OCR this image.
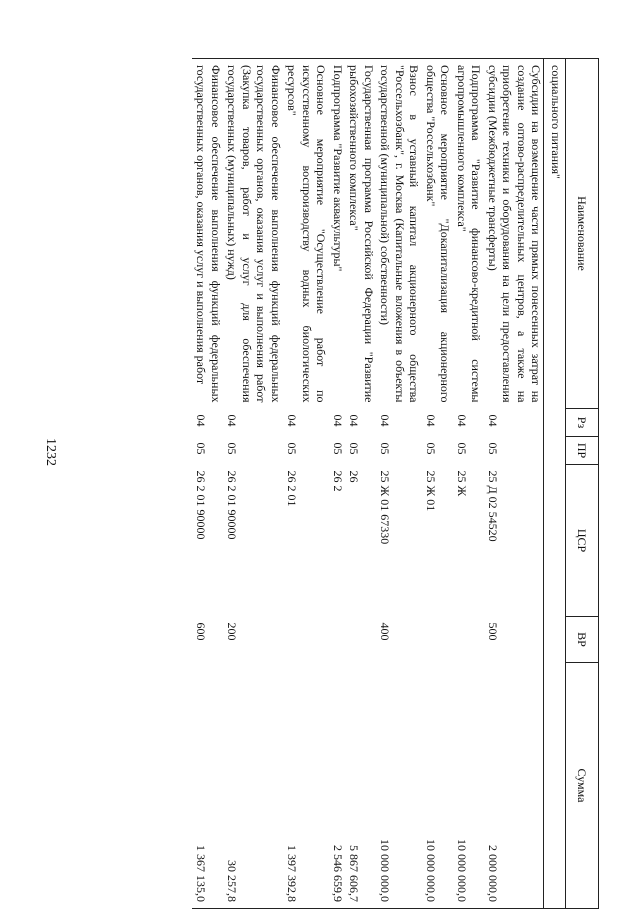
1232
Наименование	Рз	ПР	ЦСР	ВР	Сумма
социального питания"					
Субсидии на возмещение части прямых понесенных затрат на создание оптово-распределительных центров, а также на приобретение техники и оборудования на цели предоставления субсидии (Межбюджетные трансферты)	04	05	25 Д 02 54520	500	2 000 000,0
Подпрограмма "Развитие финансово-кредитной системы агропромышленного комплекса"	04	05	25 Ж		10 000 000,0
Основное мероприятие "Докапитализация акционерного общества "Россельхозбанк"	04	05	25 Ж 01		10 000 000,0
Взнос в уставный капитал акционерного общества "Россельхозбанк", г. Москва (Капитальные вложения в объекты государственной (муниципальной) собственности)	04	05	25 Ж 01 67330	400	10 000 000,0
Государственная программа Российской Федерации "Развитие рыбохозяйственного комплекса"	04	05	26		5 867 606,7
Подпрограмма "Развитие аквакультуры"	04	05	26 2		2 546 659,9
Основное мероприятие "Осуществление работ по искусственному воспроизводству водных биологических ресурсов"	04	05	26 2 01		1 397 392,8
Финансовое обеспечение выполнения функций федеральных государственных органов, оказания услуг и выполнения работ (Закупка товаров, работ и услуг для обеспечения государственных (муниципальных) нужд)	04	05	26 2 01 90000	200	30 257,8
Финансовое обеспечение выполнения функций федеральных государственных органов, оказания услуг и выполнения работ	04	05	26 2 01 90000	600	1 367 135,0
